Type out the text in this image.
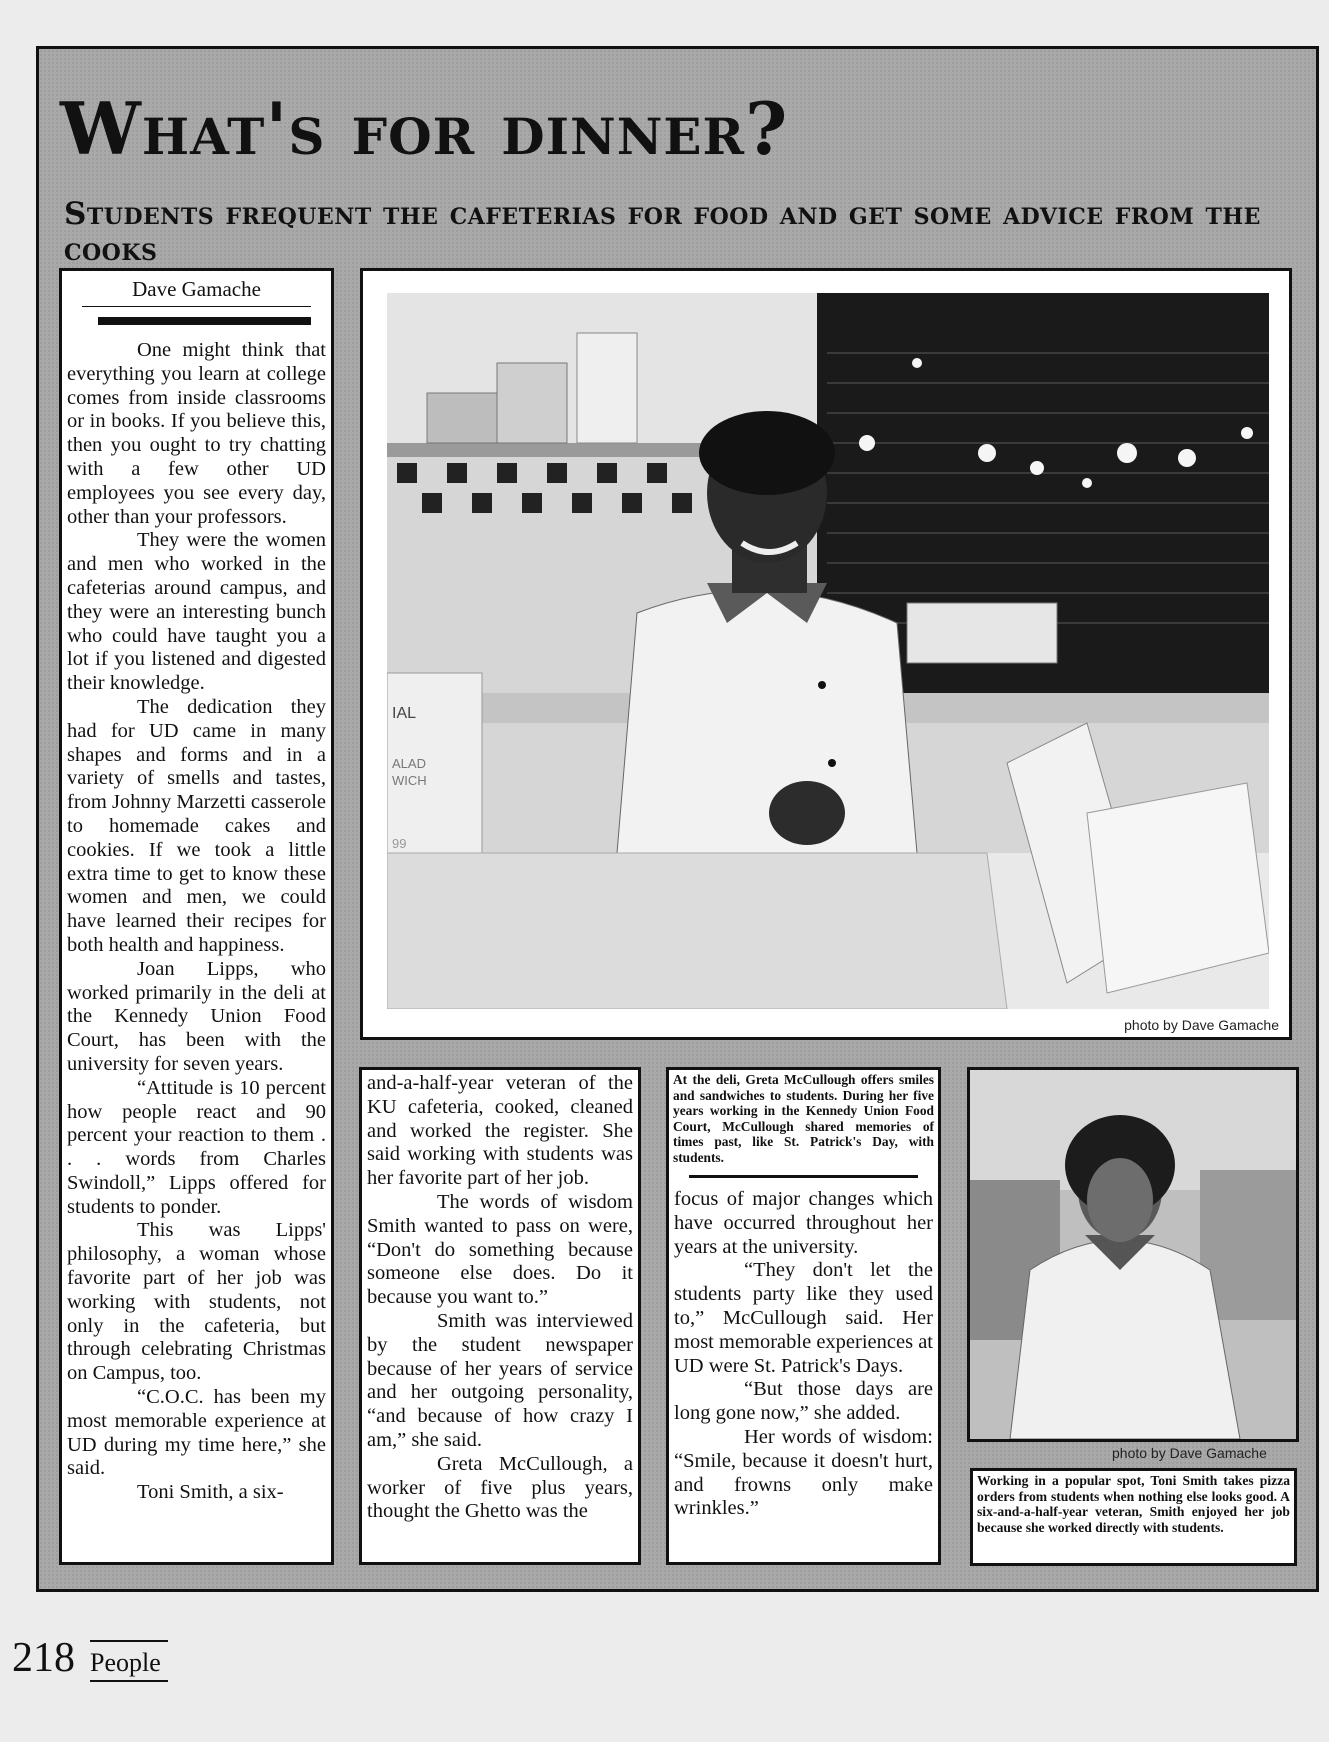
What's for dinner?
Students frequent the cafeterias for food and get some advice from the cooks
Dave Gamache

One might think that everything you learn at college comes from inside classrooms or in books. If you believe this, then you ought to try chatting with a few other UD employees you see every day, other than your professors.

They were the women and men who worked in the cafeterias around campus, and they were an interesting bunch who could have taught you a lot if you listened and digested their knowledge.

The dedication they had for UD came in many shapes and forms and in a variety of smells and tastes, from Johnny Marzetti casserole to homemade cakes and cookies. If we took a little extra time to get to know these women and men, we could have learned their recipes for both health and happiness.

Joan Lipps, who worked primarily in the deli at the Kennedy Union Food Court, has been with the university for seven years.

“Attitude is 10 percent how people react and 90 percent your reaction to them . . . words from Charles Swindoll,” Lipps offered for students to ponder.

This was Lipps' philosophy, a woman whose favorite part of her job was working with students, not only in the cafeteria, but through celebrating Christmas on Campus, too.

“C.O.C. has been my most memorable experience at UD during my time here,” she said.

Toni Smith, a six-

IAL
ALAD
WICH
99
photo by Dave Gamache

and-a-half-year veteran of the KU cafeteria, cooked, cleaned and worked the register. She said working with students was her favorite part of her job.

The words of wisdom Smith wanted to pass on were, “Don't do something because someone else does. Do it because you want to.”

Smith was interviewed by the student newspaper because of her years of service and her outgoing personality, “and because of how crazy I am,” she said.

Greta McCullough, a worker of five plus years, thought the Ghetto was the

At the deli, Greta McCullough offers smiles and sandwiches to students. During her five years working in the Kennedy Union Food Court, McCullough shared memories of times past, like St. Patrick's Day, with students.

focus of major changes which have occurred throughout her years at the university.

“They don't let the students party like they used to,” McCullough said. Her most memorable experiences at UD were St. Patrick's Days.

“But those days are long gone now,” she added.

Her words of wisdom: “Smile, because it doesn't hurt, and frowns only make wrinkles.”

photo by Dave Gamache
Working in a popular spot, Toni Smith takes pizza orders from students when nothing else looks good. A six-and-a-half-year veteran, Smith enjoyed her job because she worked directly with students.
218 People
